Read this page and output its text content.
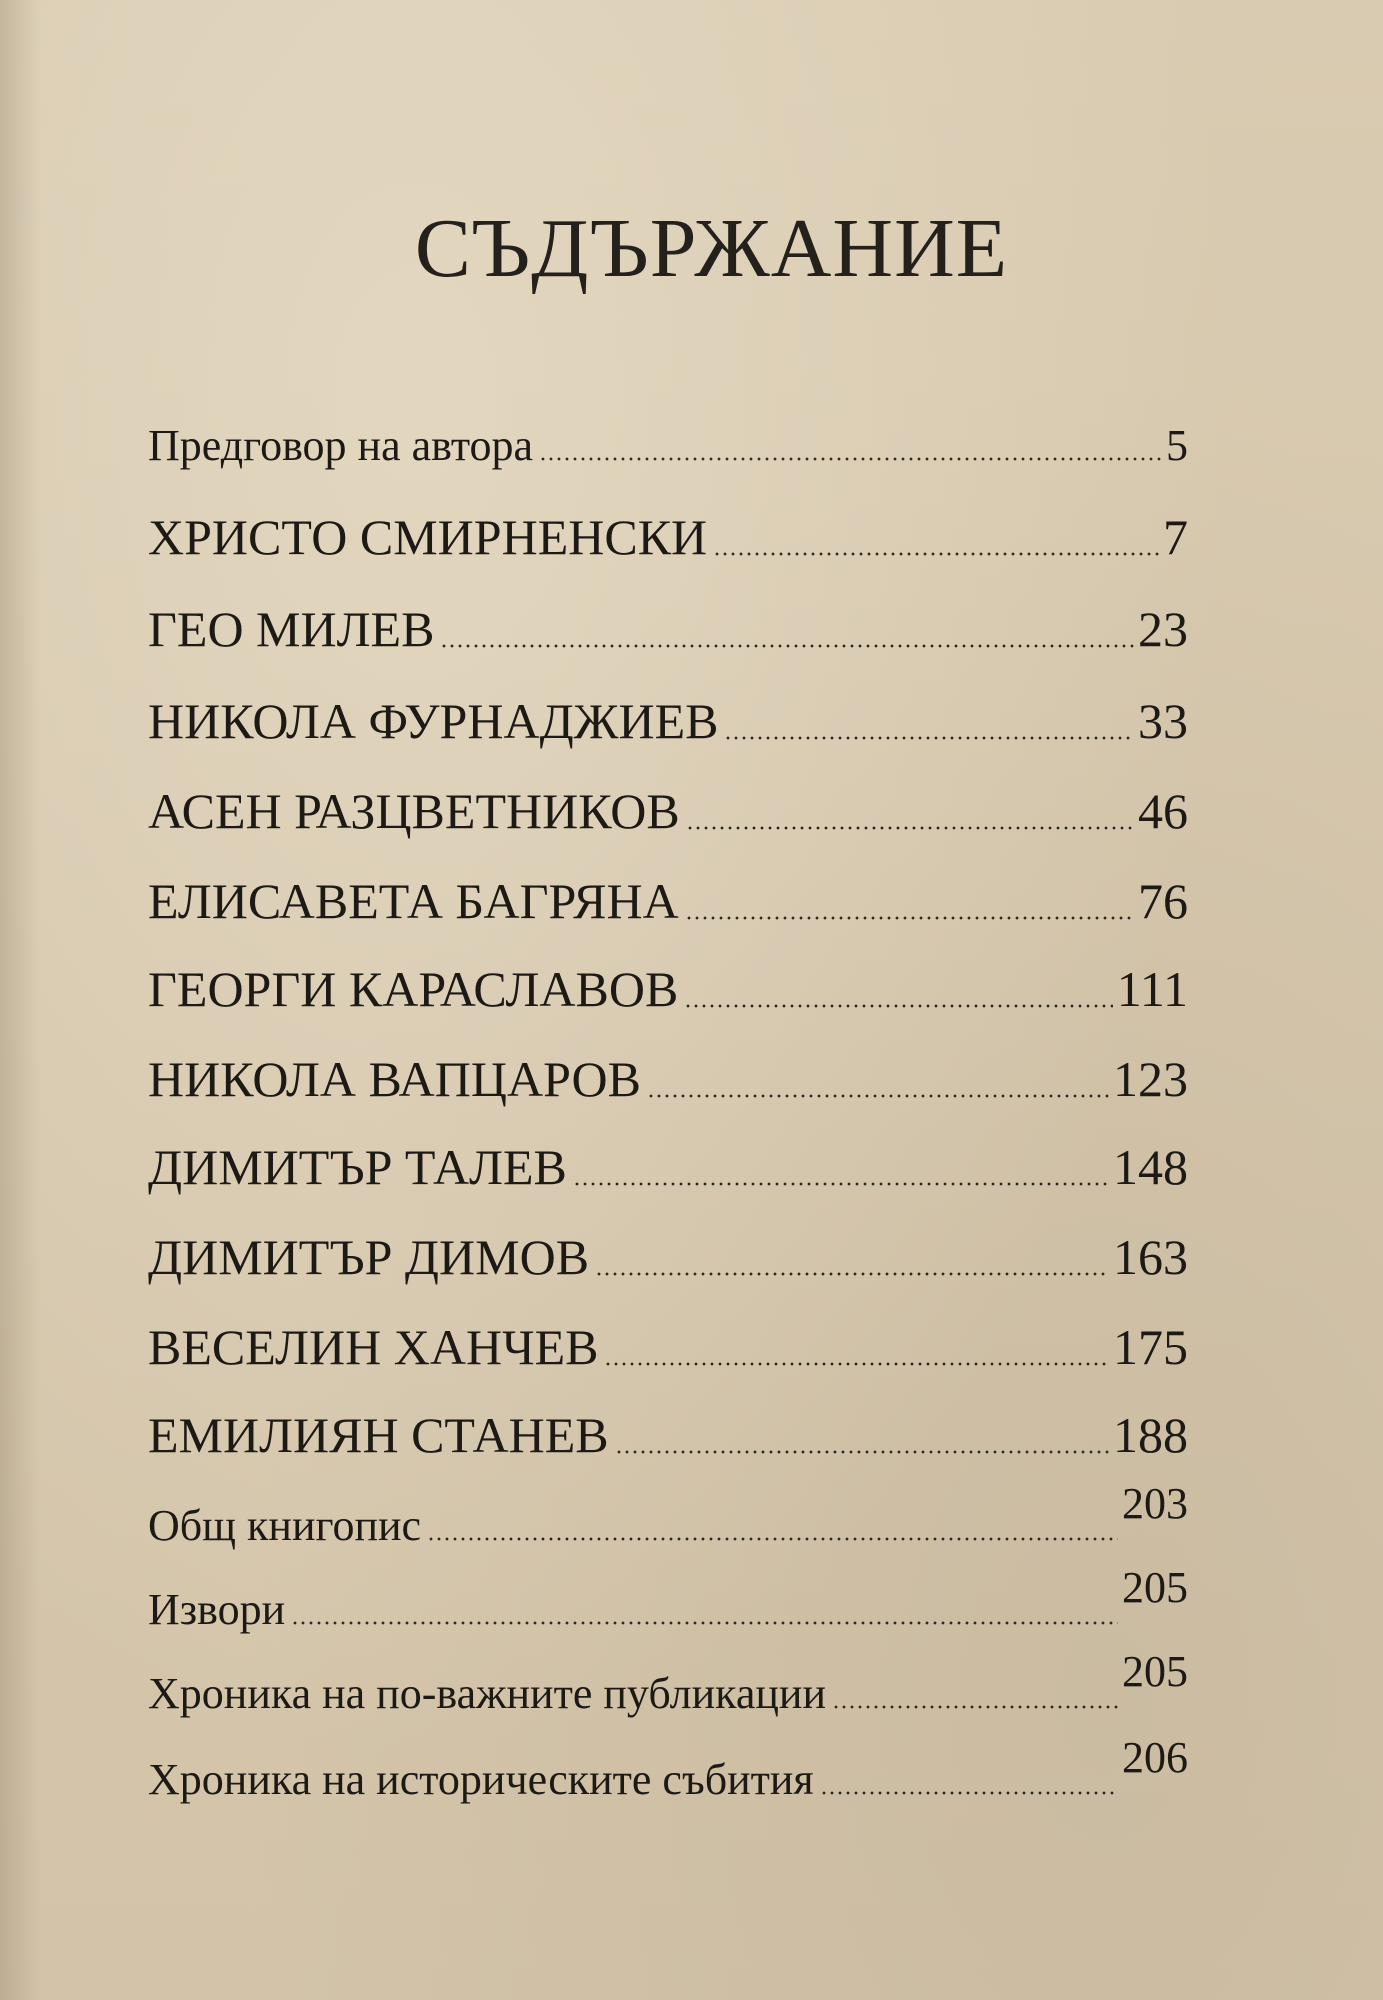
СЪДЪРЖАНИЕ
Предговор на автора	5
ХРИСТО СМИРНЕНСКИ	7
ГЕО МИЛЕВ	23
НИКОЛА ФУРНАДЖИЕВ	33
АСЕН РАЗЦВЕТНИКОВ	46
ЕЛИСАВЕТА БАГРЯНА	76
ГЕОРГИ КАРАСЛАВОВ	111
НИКОЛА ВАПЦАРОВ	123
ДИМИТЪР ТАЛЕВ	148
ДИМИТЪР ДИМОВ	163
ВЕСЕЛИН ХАНЧЕВ	175
ЕМИЛИЯН СТАНЕВ	188
Общ книгопис	203
Извори	205
Хроника на по-важните публикации	205
Хроника на историческите събития	206
